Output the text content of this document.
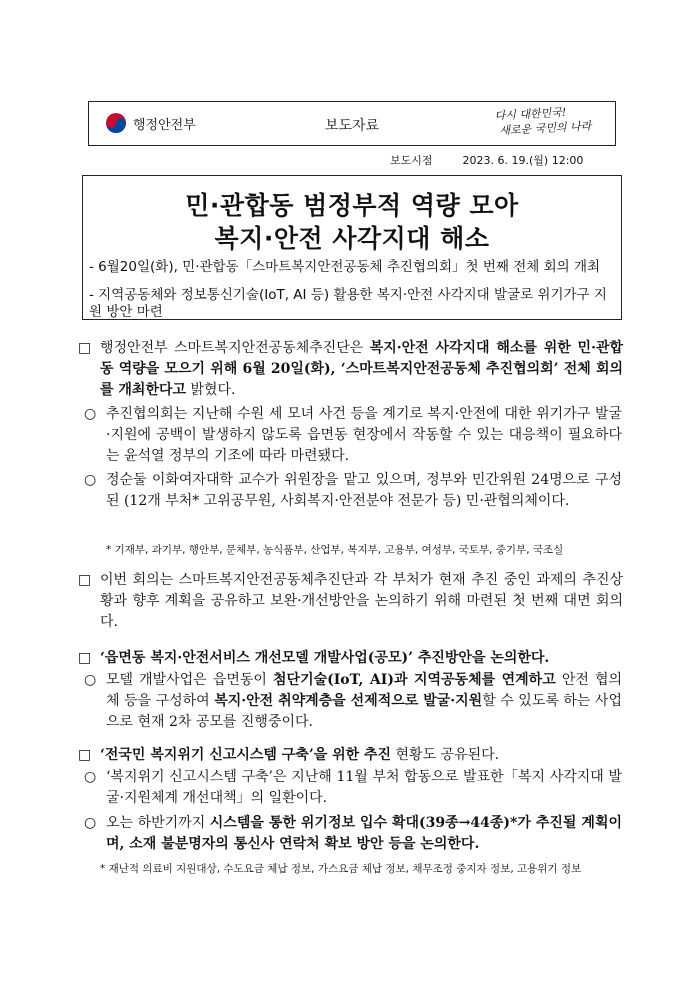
행정안전부	보도자료
다시 대한민국!
새로운 국민의 나라
보도시점	2023. 6. 19.(월) 12:00
민·관합동 범정부적 역량 모아
복지·안전 사각지대 해소
- 6월20일(화), 민·관합동「스마트복지안전공동체 추진협의회」첫 번째 전체 회의 개최
- 지역공동체와 정보통신기술(IoT, AI 등) 활용한 복지·안전 사각지대 발굴로 위기가구 지원 방안 마련
□ 행정안전부 스마트복지안전공동체추진단은 복지·안전 사각지대 해소를 위한 민·관합동 역량을 모으기 위해 6월 20일(화), ‘스마트복지안전공동체 추진협의회’ 전체 회의를 개최한다고 밝혔다.
○ 추진협의회는 지난해 수원 세 모녀 사건 등을 계기로 복지·안전에 대한 위기가구 발굴·지원에 공백이 발생하지 않도록 읍면동 현장에서 작동할 수 있는 대응책이 필요하다는 윤석열 정부의 기조에 따라 마련됐다.
○ 정순둘 이화여자대학 교수가 위원장을 맡고 있으며, 정부와 민간위원 24명으로 구성된 (12개 부처* 고위공무원, 사회복지·안전분야 전문가 등) 민·관협의체이다.
* 기재부, 과기부, 행안부, 문체부, 농식품부, 산업부, 복지부, 고용부, 여성부, 국토부, 중기부, 국조실
□ 이번 회의는 스마트복지안전공동체추진단과 각 부처가 현재 추진 중인 과제의 추진상황과 향후 계획을 공유하고 보완·개선방안을 논의하기 위해 마련된 첫 번째 대면 회의다.
□ ‘읍면동 복지·안전서비스 개선모델 개발사업(공모)’ 추진방안을 논의한다.
○ 모델 개발사업은 읍면동이 첨단기술(IoT, AI)과 지역공동체를 연계하고 안전 협의체 등을 구성하여 복지·안전 취약계층을 선제적으로 발굴·지원할 수 있도록 하는 사업으로 현재 2차 공모를 진행중이다.
□ ‘전국민 복지위기 신고시스템 구축’을 위한 추진 현황도 공유된다.
○ ‘복지위기 신고시스템 구축’은 지난해 11월 부처 합동으로 발표한「복지 사각지대 발굴·지원체계 개선대책」의 일환이다.
○ 오는 하반기까지 시스템을 통한 위기정보 입수 확대(39종→44종)*가 추진될 계획이며, 소재 불분명자의 통신사 연락처 확보 방안 등을 논의한다.
* 재난적 의료비 지원대상, 수도요금 체납 정보, 가스요금 체납 정보, 채무조정 중지자 정보, 고용위기 정보
